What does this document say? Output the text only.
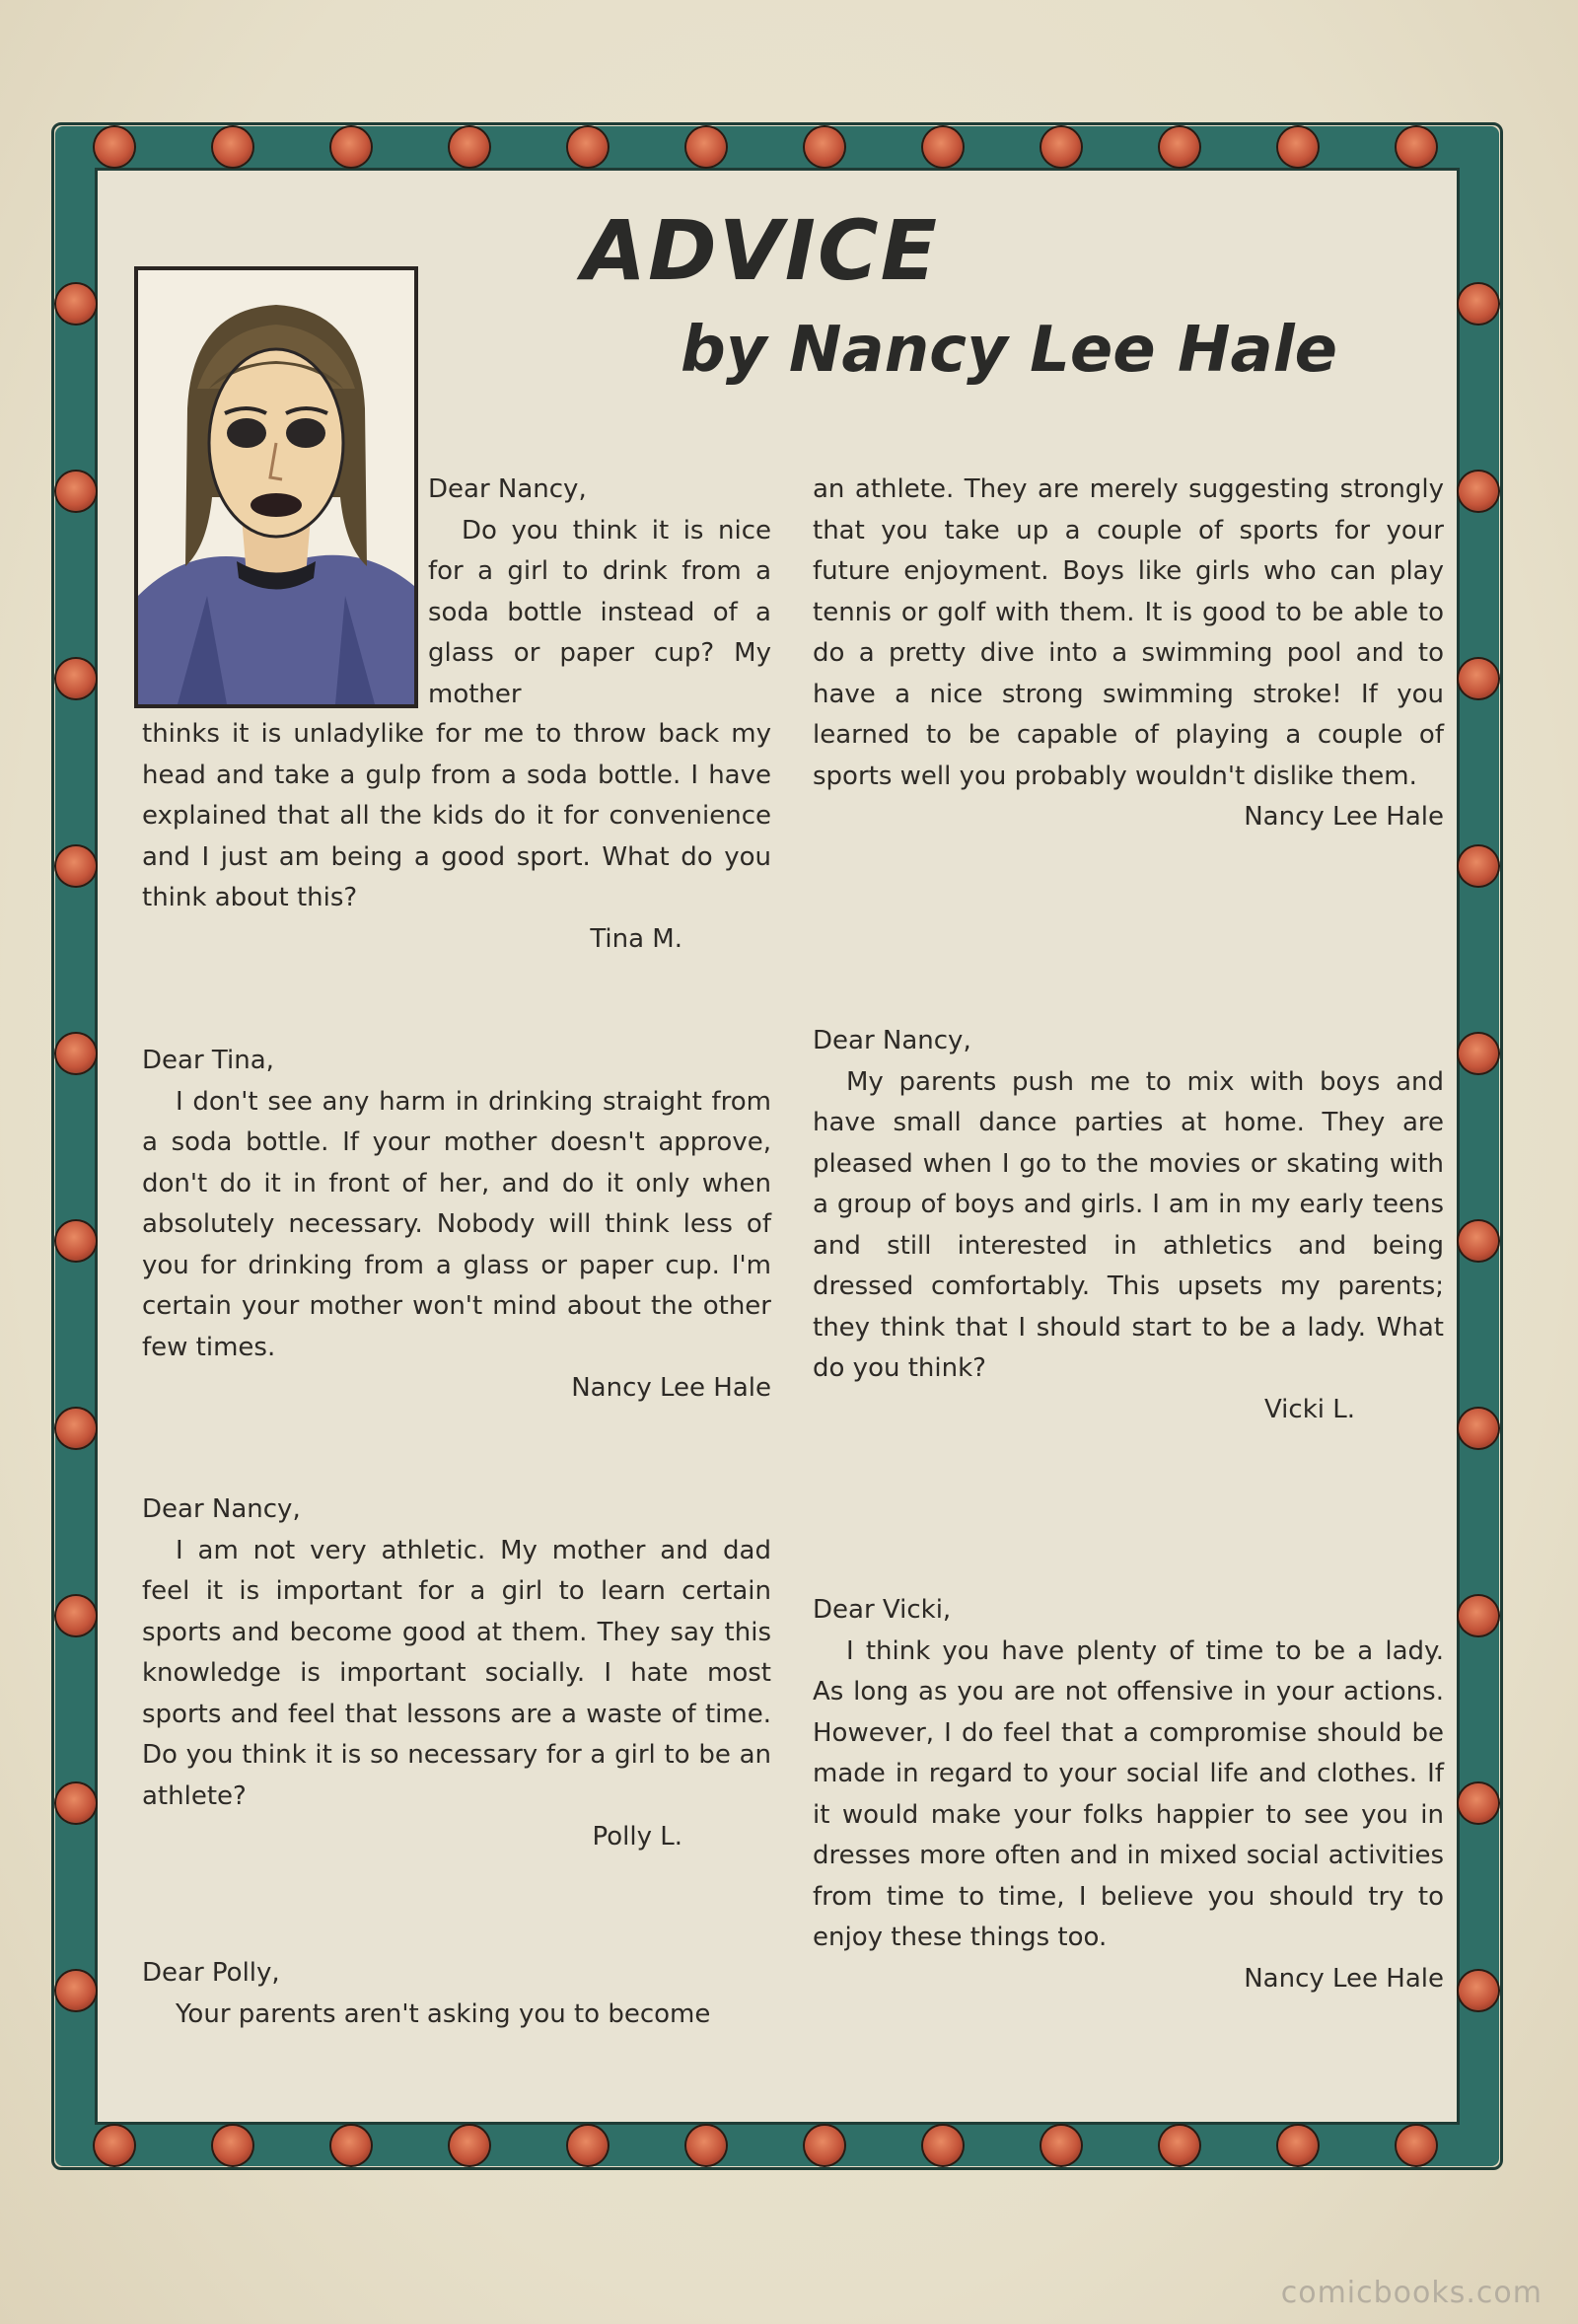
ADVICE
by Nancy Lee Hale

Dear Nancy,

Do you think it is nice for a girl to drink from a soda bottle instead of a glass or paper cup? My mother

thinks it is unladylike for me to throw back my head and take a gulp from a soda bottle. I have explained that all the kids do it for convenience and I just am being a good sport. What do you think about this?

Tina M.

Dear Tina,

I don't see any harm in drinking straight from a soda bottle. If your mother doesn't approve, don't do it in front of her, and do it only when absolutely necessary. Nobody will think less of you for drinking from a glass or paper cup. I'm certain your mother won't mind about the other few times.

Nancy Lee Hale

Dear Nancy,

I am not very athletic. My mother and dad feel it is important for a girl to learn certain sports and become good at them. They say this knowledge is important socially. I hate most sports and feel that lessons are a waste of time. Do you think it is so necessary for a girl to be an athlete?

Polly L.

Dear Polly,

Your parents aren't asking you to become

an athlete. They are merely suggesting strongly that you take up a couple of sports for your future enjoyment. Boys like girls who can play tennis or golf with them. It is good to be able to do a pretty dive into a swimming pool and to have a nice strong swimming stroke! If you learned to be capable of playing a couple of sports well you probably wouldn't dislike them.

Nancy Lee Hale

Dear Nancy,

My parents push me to mix with boys and have small dance parties at home. They are pleased when I go to the movies or skating with a group of boys and girls. I am in my early teens and still interested in athletics and being dressed comfortably. This upsets my parents; they think that I should start to be a lady. What do you think?

Vicki L.

Dear Vicki,

I think you have plenty of time to be a lady. As long as you are not offensive in your actions. However, I do feel that a compromise should be made in regard to your social life and clothes. If it would make your folks happier to see you in dresses more often and in mixed social activities from time to time, I believe you should try to enjoy these things too.

Nancy Lee Hale

comicbooks.com
